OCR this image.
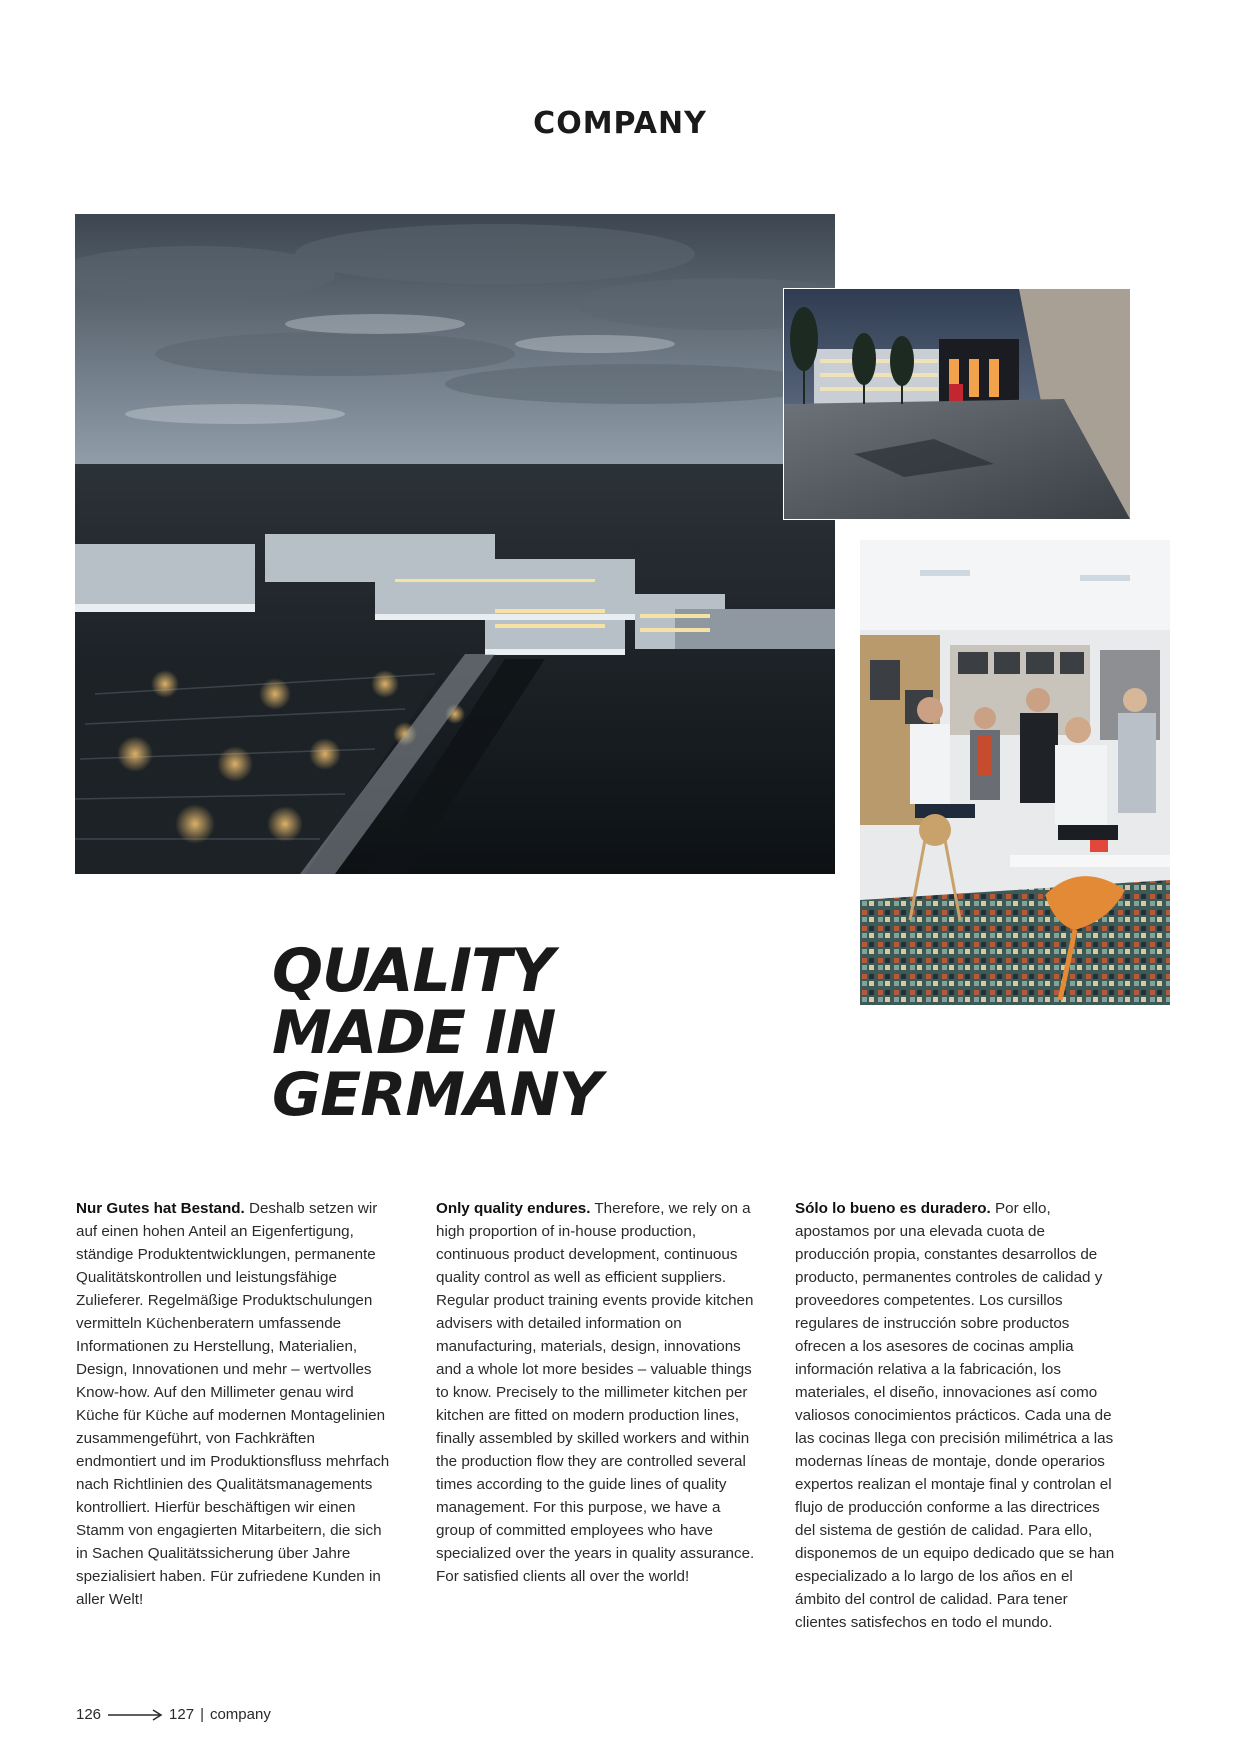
COMPANY
QUALITY
MADE IN
GERMANY
Nur Gutes hat Bestand. Deshalb setzen wir auf einen hohen Anteil an Eigenfertigung, ständige Produktentwicklungen, permanente Qualitätskontrollen und leistungsfähige Zulieferer. Regelmäßige Produktschulungen vermitteln Küchenberatern umfassende Informationen zu Herstellung, Materialien, Design, Innovationen und mehr – wertvolles Know-how. Auf den Millimeter genau wird Küche für Küche auf modernen Montagelinien zusammengeführt, von Fachkräften endmontiert und im Produktionsfluss mehrfach nach Richtlinien des Qualitätsmanagements kontrolliert. Hierfür beschäftigen wir einen Stamm von engagierten Mitarbeitern, die sich in Sachen Qualitätssicherung über Jahre spezialisiert haben. Für zufriedene Kunden in aller Welt!
Only quality endures. Therefore, we rely on a high proportion of in-house production, continuous product development, continuous quality control as well as efficient suppliers. Regular product training events provide kitchen advisers with detailed information on manufacturing, materials, design, innovations and a whole lot more besides – valuable things to know. Precisely to the millimeter kitchen per kitchen are fitted on modern production lines, finally assembled by skilled workers and within the production flow they are controlled several times according to the guide lines of quality management. For this purpose, we have a group of committed employees who have specialized over the years in quality assurance. For satisfied clients all over the world!
Sólo lo bueno es duradero. Por ello, apostamos por una elevada cuota de producción propia, constantes desarrollos de producto, permanentes controles de calidad y proveedores competentes. Los cursillos regulares de instrucción sobre productos ofrecen a los asesores de cocinas amplia información relativa a la fabricación, los materiales, el diseño, innovaciones así como valiosos conocimientos prácticos. Cada una de las cocinas llega con precisión milimétrica a las modernas líneas de montaje, donde operarios expertos realizan el montaje final y controlan el flujo de producción conforme a las directrices del sistema de gestión de calidad. Para ello, disponemos de un equipo dedicado que se han especializado a lo largo de los años en el ámbito del control de calidad. Para tener clientes satisfechos en todo el mundo.
126	127 | company
